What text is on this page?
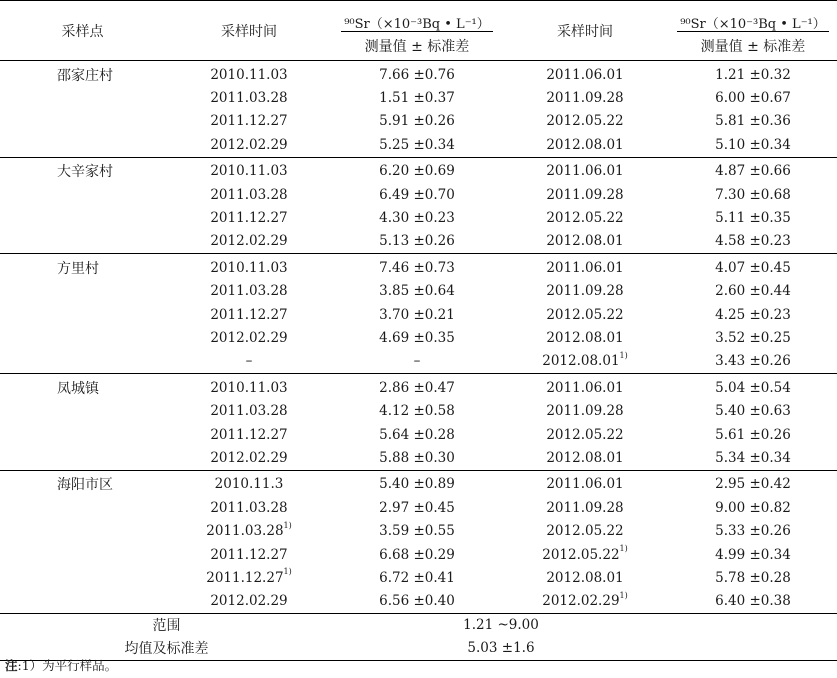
采样点	采样时间	⁹⁰Sr（×10⁻³Bq • L⁻¹）	采样时间	⁹⁰Sr（×10⁻³Bq • L⁻¹）
		测量值 ± 标准差		测量值 ± 标准差
邵家庄村	2010.11.03	7.66 ±0.76	2011.06.01	1.21 ±0.32
	2011.03.28	1.51 ±0.37	2011.09.28	6.00 ±0.67
	2011.12.27	5.91 ±0.26	2012.05.22	5.81 ±0.36
	2012.02.29	5.25 ±0.34	2012.08.01	5.10 ±0.34
大辛家村	2010.11.03	6.20 ±0.69	2011.06.01	4.87 ±0.66
	2011.03.28	6.49 ±0.70	2011.09.28	7.30 ±0.68
	2011.12.27	4.30 ±0.23	2012.05.22	5.11 ±0.35
	2012.02.29	5.13 ±0.26	2012.08.01	4.58 ±0.23
方里村	2010.11.03	7.46 ±0.73	2011.06.01	4.07 ±0.45
	2011.03.28	3.85 ±0.64	2011.09.28	2.60 ±0.44
	2011.12.27	3.70 ±0.21	2012.05.22	4.25 ±0.23
	2012.02.29	4.69 ±0.35	2012.08.01	3.52 ±0.25
	–	–	2012.08.01$^{1)}$	3.43 ±0.26
凤城镇	2010.11.03	2.86 ±0.47	2011.06.01	5.04 ±0.54
	2011.03.28	4.12 ±0.58	2011.09.28	5.40 ±0.63
	2011.12.27	5.64 ±0.28	2012.05.22	5.61 ±0.26
	2012.02.29	5.88 ±0.30	2012.08.01	5.34 ±0.34
海阳市区	2010.11.3	5.40 ±0.89	2011.06.01	2.95 ±0.42
	2011.03.28	2.97 ±0.45	2011.09.28	9.00 ±0.82
	2011.03.28$^{1)}$	3.59 ±0.55	2012.05.22	5.33 ±0.26
	2011.12.27	6.68 ±0.29	2012.05.22$^{1)}$	4.99 ±0.34
	2011.12.27$^{1)}$	6.72 ±0.41	2012.08.01	5.78 ±0.28
	2012.02.29	6.56 ±0.40	2012.02.29$^{1)}$	6.40 ±0.38
范围		1.21 ~9.00		
均值及标准差		5.03 ±1.6		
注:1）为平行样品。
